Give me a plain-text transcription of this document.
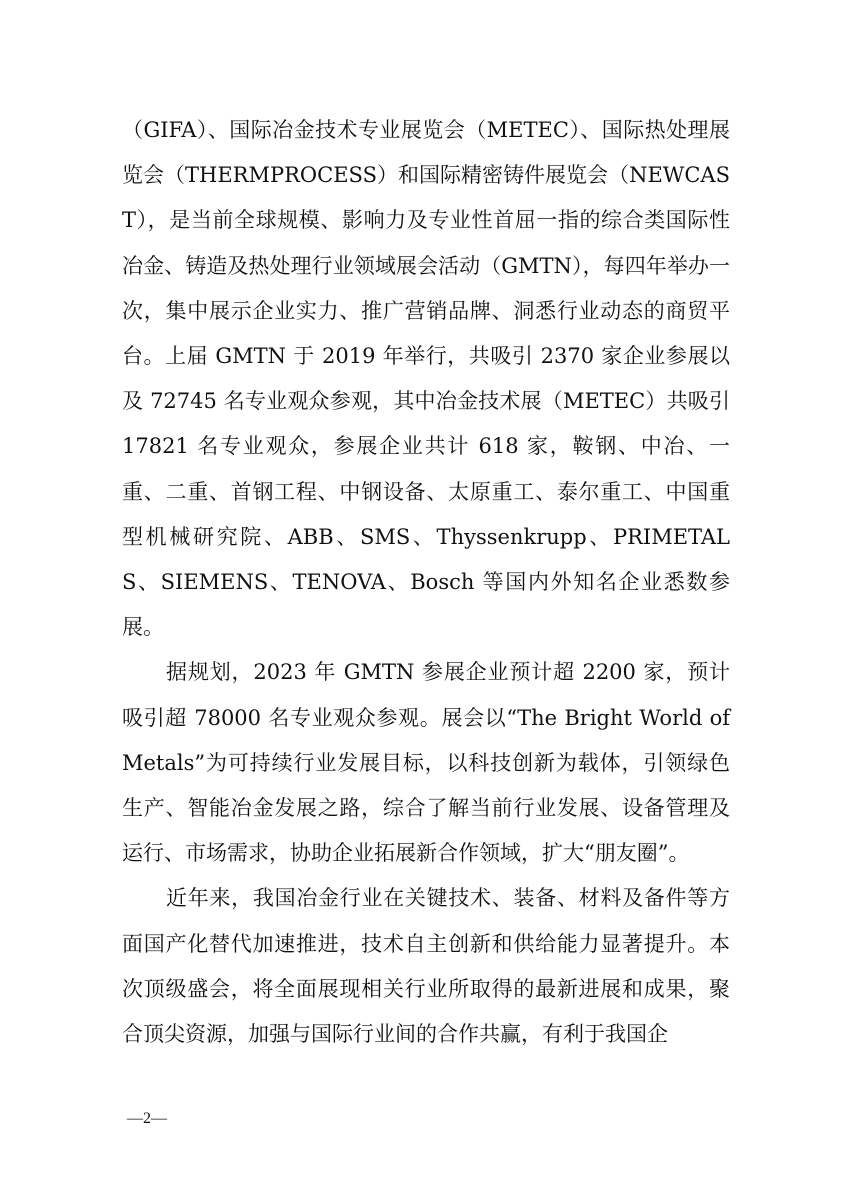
（GIFA）、国际冶金技术专业展览会（METEC）、国际热处理展览会（THERMPROCESS）和国际精密铸件展览会（NEWCAST），是当前全球规模、影响力及专业性首屈一指的综合类国际性冶金、铸造及热处理行业领域展会活动（GMTN），每四年举办一次，集中展示企业实力、推广营销品牌、洞悉行业动态的商贸平台。上届 GMTN 于 2019 年举行，共吸引 2370 家企业参展以及 72745 名专业观众参观，其中冶金技术展（METEC）共吸引 17821 名专业观众，参展企业共计 618 家，鞍钢、中冶、一重、二重、首钢工程、中钢设备、太原重工、泰尔重工、中国重型机械研究院、ABB、SMS、Thyssenkrupp、PRIMETALS、SIEMENS、TENOVA、Bosch 等国内外知名企业悉数参展。

据规划，2023 年 GMTN 参展企业预计超 2200 家，预计吸引超 78000 名专业观众参观。展会以“The Bright World of Metals”为可持续行业发展目标，以科技创新为载体，引领绿色生产、智能冶金发展之路，综合了解当前行业发展、设备管理及运行、市场需求，协助企业拓展新合作领域，扩大“朋友圈”。

近年来，我国冶金行业在关键技术、装备、材料及备件等方面国产化替代加速推进，技术自主创新和供给能力显著提升。本次顶级盛会，将全面展现相关行业所取得的最新进展和成果，聚合顶尖资源，加强与国际行业间的合作共赢，有利于我国企

—2—
